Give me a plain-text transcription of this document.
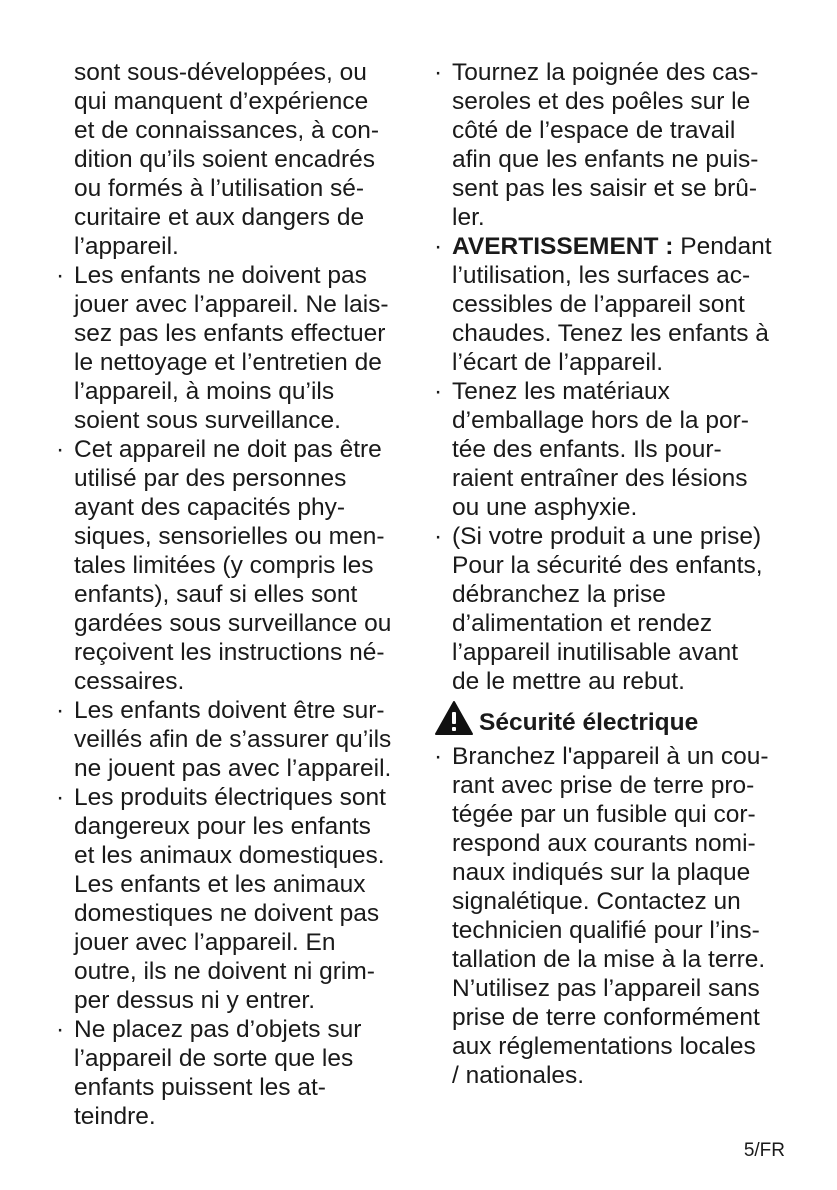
sont sous-développées, ou
qui manquent d’expérience
et de connaissances, à con-
dition qu’ils soient encadrés
ou formés à l’utilisation sé-
curitaire et aux dangers de
l’appareil.
· Les enfants ne doivent pas
jouer avec l’appareil. Ne lais-
sez pas les enfants effectuer
le nettoyage et l’entretien de
l’appareil, à moins qu’ils
soient sous surveillance.
· Cet appareil ne doit pas être
utilisé par des personnes
ayant des capacités phy-
siques, sensorielles ou men-
tales limitées (y compris les
enfants), sauf si elles sont
gardées sous surveillance ou
reçoivent les instructions né-
cessaires.
· Les enfants doivent être sur-
veillés afin de s’assurer qu’ils
ne jouent pas avec l’appareil.
· Les produits électriques sont
dangereux pour les enfants
et les animaux domestiques.
Les enfants et les animaux
domestiques ne doivent pas
jouer avec l’appareil. En
outre, ils ne doivent ni grim-
per dessus ni y entrer.
· Ne placez pas d’objets sur
l’appareil de sorte que les
enfants puissent les at-
teindre.
· Tournez la poignée des cas-
seroles et des poêles sur le
côté de l’espace de travail
afin que les enfants ne puis-
sent pas les saisir et se brû-
ler.
· AVERTISSEMENT : Pendant
l’utilisation, les surfaces ac-
cessibles de l’appareil sont
chaudes. Tenez les enfants à
l’écart de l’appareil.
· Tenez les matériaux
d’emballage hors de la por-
tée des enfants. Ils pour-
raient entraîner des lésions
ou une asphyxie.
· (Si votre produit a une prise)
Pour la sécurité des enfants,
débranchez la prise
d’alimentation et rendez
l’appareil inutilisable avant
de le mettre au rebut.
Sécurité électrique
· Branchez l'appareil à un cou-
rant avec prise de terre pro-
tégée par un fusible qui cor-
respond aux courants nomi-
naux indiqués sur la plaque
signalétique. Contactez un
technicien qualifié pour l’ins-
tallation de la mise à la terre.
N’utilisez pas l’appareil sans
prise de terre conformément
aux réglementations locales
/ nationales.
5/FR
